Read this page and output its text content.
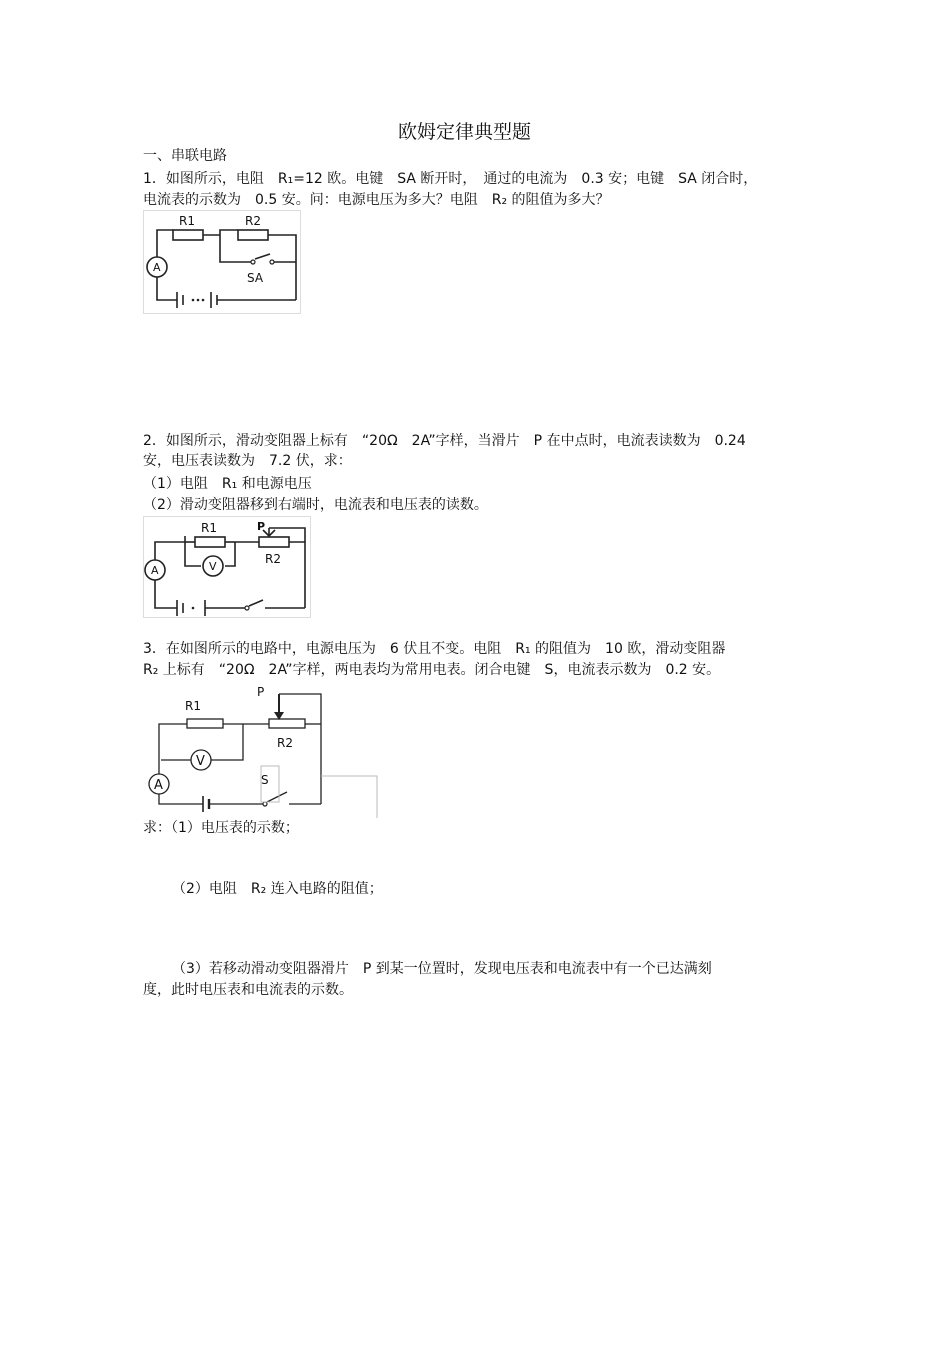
欧姆定律典型题
一、串联电路
1．如图所示，电阻　R₁=12 欧。电键　SA 断开时，　通过的电流为　0.3 安；电键　SA 闭合时，
电流表的示数为　0.5 安。问：电源电压为多大？电阻　R₂ 的阻值为多大？
R1	R2
SA
A
2．如图所示，滑动变阻器上标有　“20Ω　2A”字样，当滑片　P 在中点时，电流表读数为　0.24
安，电压表读数为　7.2 伏，求：
（1）电阻　R₁ 和电源电压
（2）滑动变阻器移到右端时，电流表和电压表的读数。
R1	P
R2
V
A
3．在如图所示的电路中，电源电压为　6 伏且不变。电阻　R₁ 的阻值为　10 欧，滑动变阻器
R₂ 上标有　“20Ω　2A”字样，两电表均为常用电表。闭合电键　S，电流表示数为　0.2 安。
R1
P
R2
S
V
A
求：（1）电压表的示数；
（2）电阻　R₂ 连入电路的阻值；
（3）若移动滑动变阻器滑片　P 到某一位置时，发现电压表和电流表中有一个已达满刻
度，此时电压表和电流表的示数。
